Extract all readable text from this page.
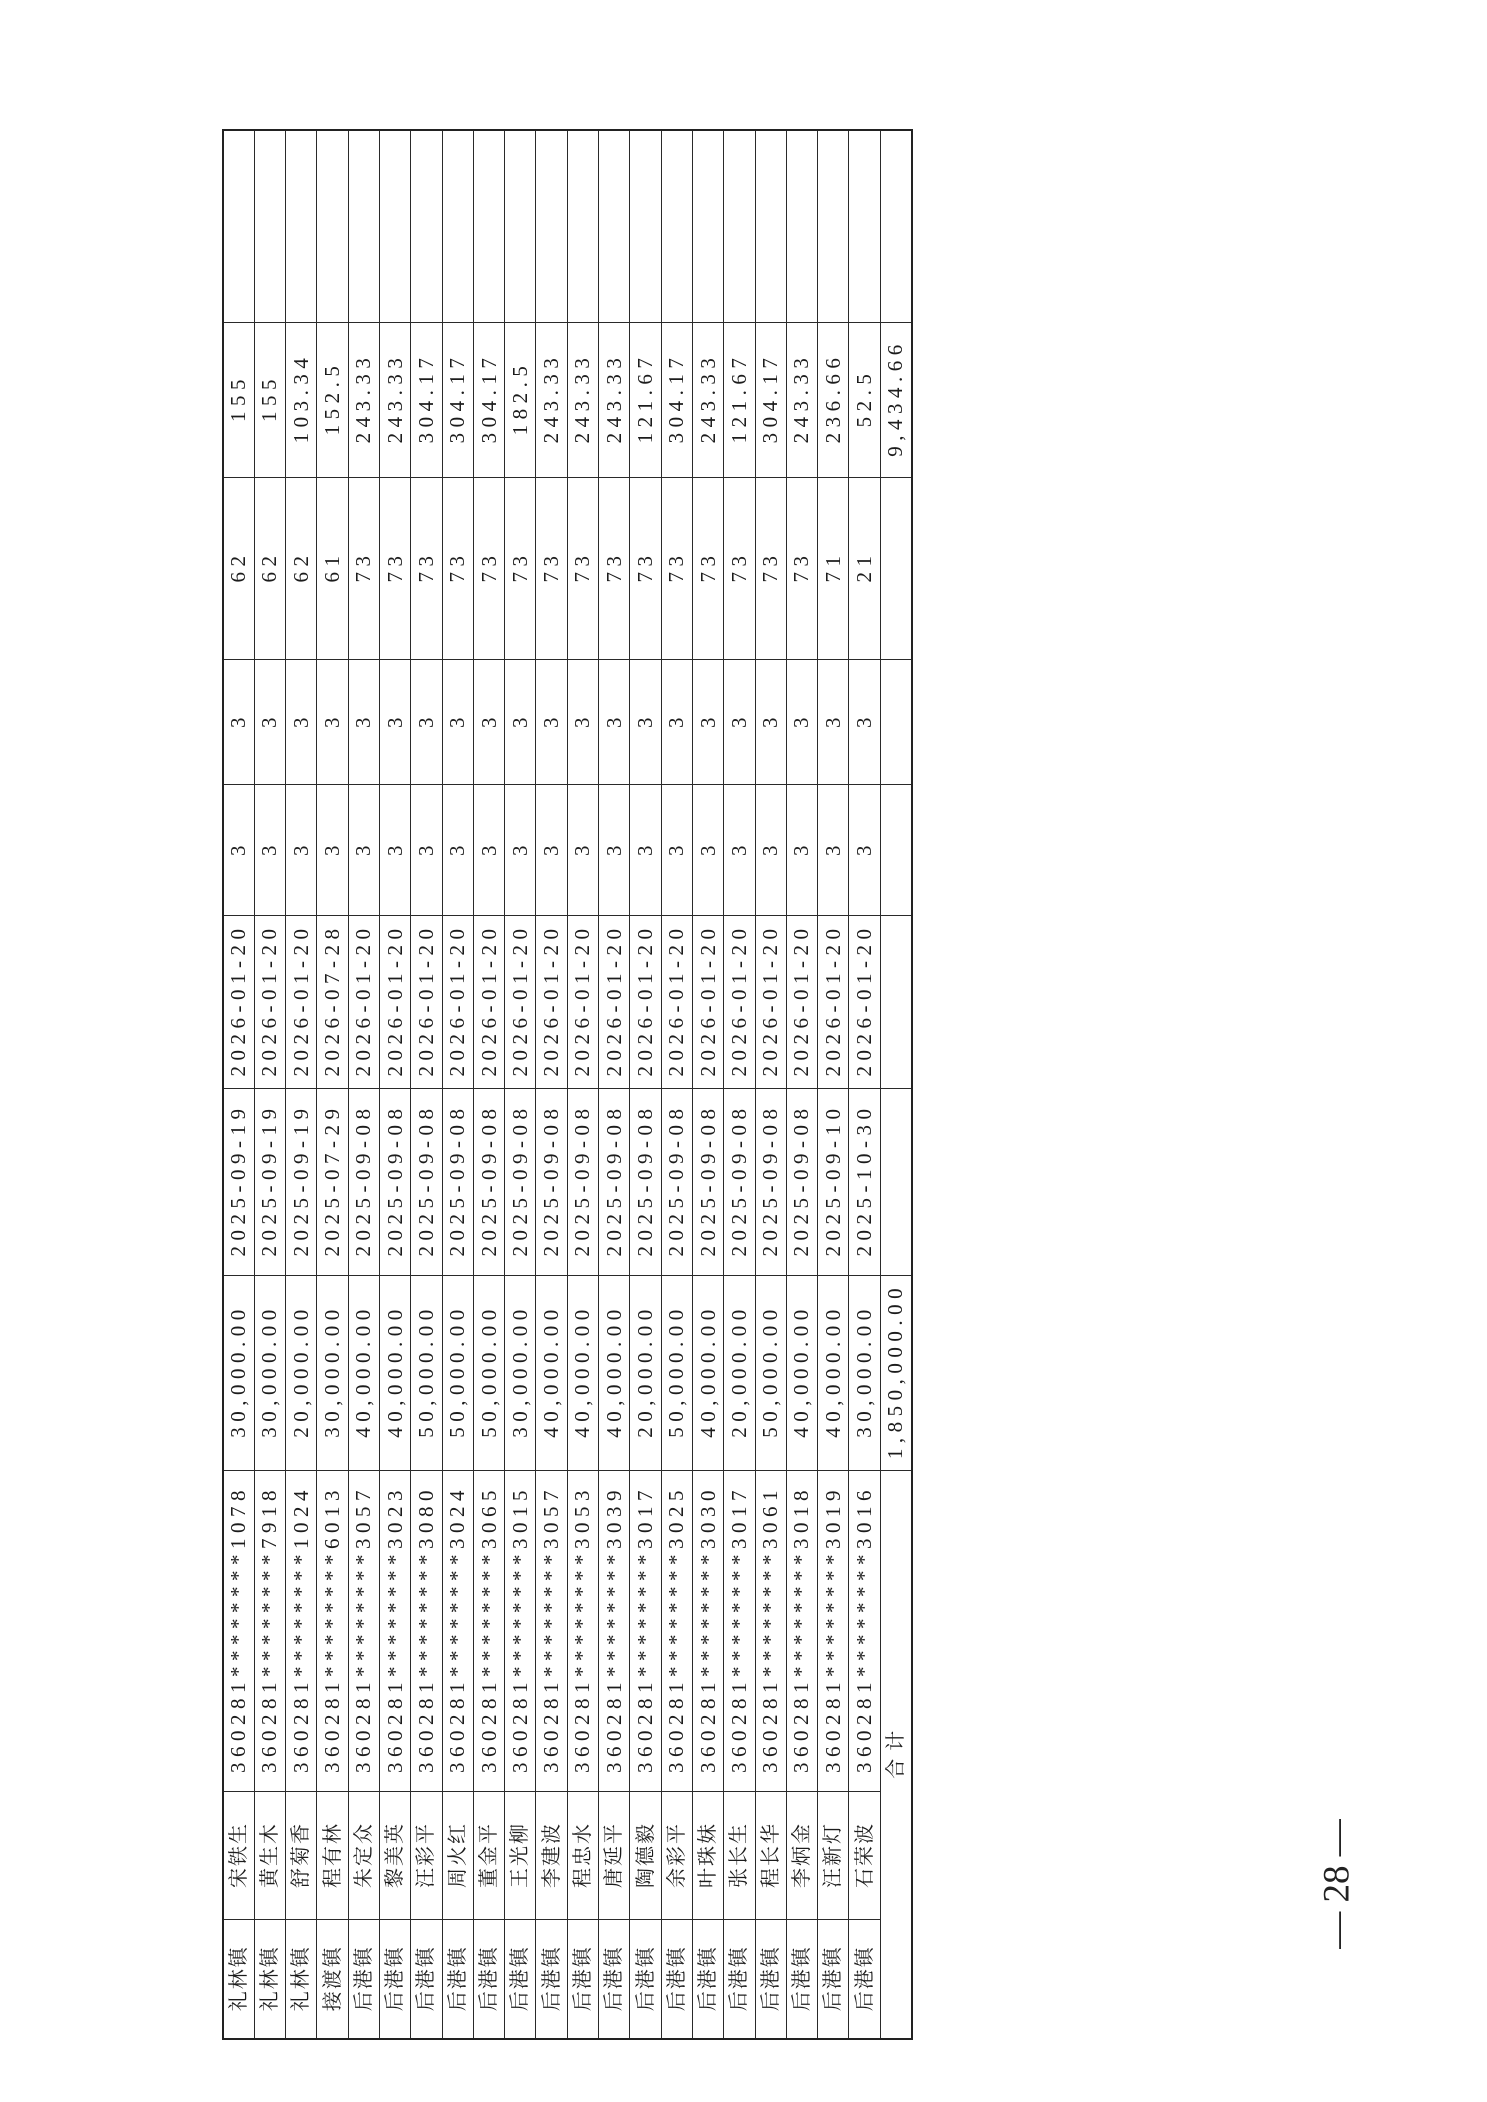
礼林镇	宋铁生	360281********1078	30,000.00	2025-09-19	2026-01-20	3	3	62	155	
礼林镇	黄生木	360281********7918	30,000.00	2025-09-19	2026-01-20	3	3	62	155	
礼林镇	舒菊香	360281********1024	20,000.00	2025-09-19	2026-01-20	3	3	62	103.34	
接渡镇	程有林	360281********6013	30,000.00	2025-07-29	2026-07-28	3	3	61	152.5	
后港镇	朱定众	360281********3057	40,000.00	2025-09-08	2026-01-20	3	3	73	243.33	
后港镇	黎美英	360281********3023	40,000.00	2025-09-08	2026-01-20	3	3	73	243.33	
后港镇	汪彩平	360281********3080	50,000.00	2025-09-08	2026-01-20	3	3	73	304.17	
后港镇	周火红	360281********3024	50,000.00	2025-09-08	2026-01-20	3	3	73	304.17	
后港镇	董金平	360281********3065	50,000.00	2025-09-08	2026-01-20	3	3	73	304.17	
后港镇	王光柳	360281********3015	30,000.00	2025-09-08	2026-01-20	3	3	73	182.5	
后港镇	李建波	360281********3057	40,000.00	2025-09-08	2026-01-20	3	3	73	243.33	
后港镇	程忠水	360281********3053	40,000.00	2025-09-08	2026-01-20	3	3	73	243.33	
后港镇	唐延平	360281********3039	40,000.00	2025-09-08	2026-01-20	3	3	73	243.33	
后港镇	陶德毅	360281********3017	20,000.00	2025-09-08	2026-01-20	3	3	73	121.67	
后港镇	余彩平	360281********3025	50,000.00	2025-09-08	2026-01-20	3	3	73	304.17	
后港镇	叶珠妹	360281********3030	40,000.00	2025-09-08	2026-01-20	3	3	73	243.33	
后港镇	张长生	360281********3017	20,000.00	2025-09-08	2026-01-20	3	3	73	121.67	
后港镇	程长华	360281********3061	50,000.00	2025-09-08	2026-01-20	3	3	73	304.17	
后港镇	李炳金	360281********3018	40,000.00	2025-09-08	2026-01-20	3	3	73	243.33	
后港镇	汪新灯	360281********3019	40,000.00	2025-09-10	2026-01-20	3	3	71	236.66	
后港镇	石荣波	360281********3016	30,000.00	2025-10-30	2026-01-20	3	3	21	52.5	
合计			1,850,000.00						9,434.66	
— 28 —
